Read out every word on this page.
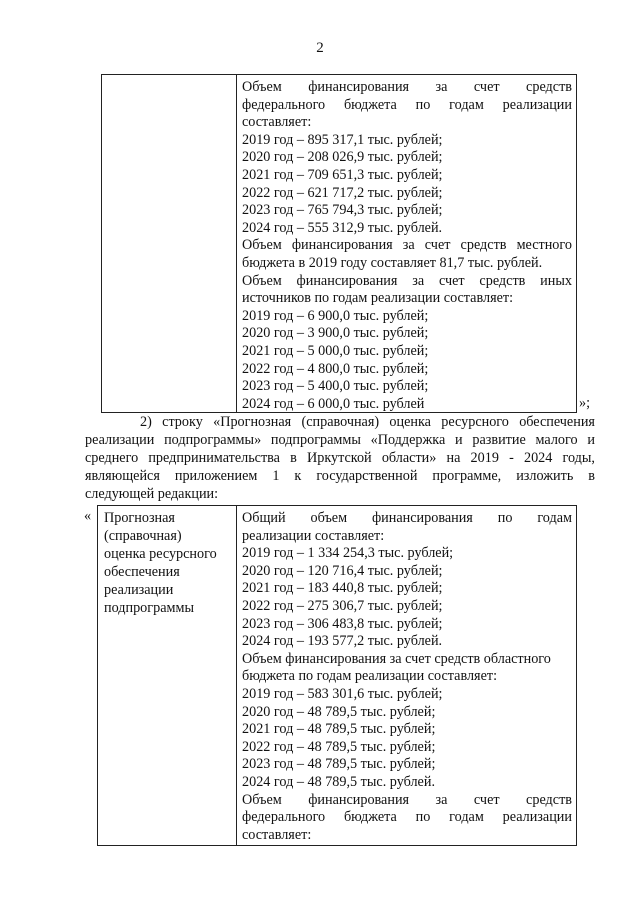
2
Объем финансирования за счет средств
федерального бюджета по годам реализации
составляет:
2019 год – 895 317,1 тыс. рублей;
2020 год – 208 026,9 тыс. рублей;
2021 год – 709 651,3 тыс. рублей;
2022 год – 621 717,2 тыс. рублей;
2023 год – 765 794,3 тыс. рублей;
2024 год – 555 312,9 тыс. рублей.
Объем финансирования за счет средств местного
бюджета в 2019 году составляет 81,7 тыс. рублей.
Объем финансирования за счет средств иных
источников по годам реализации составляет:
2019 год – 6 900,0 тыс. рублей;
2020 год – 3 900,0 тыс. рублей;
2021 год – 5 000,0 тыс. рублей;
2022 год – 4 800,0 тыс. рублей;
2023 год – 5 400,0 тыс. рублей;
2024 год – 6 000,0 тыс. рублей	»;
2) строку «Прогнозная (справочная) оценка ресурсного обеспечения
реализации подпрограммы» подпрограммы «Поддержка и развитие малого и
среднего предпринимательства в Иркутской области» на 2019 - 2024 годы,
являющейся приложением 1 к государственной программе, изложить в
следующей редакции:
« Прогнозная
(справочная)
оценка ресурсного
обеспечения
реализации
подпрограммы
Общий объем финансирования по годам
реализации составляет:
2019 год – 1 334 254,3 тыс. рублей;
2020 год – 120 716,4 тыс. рублей;
2021 год – 183 440,8 тыс. рублей;
2022 год – 275 306,7 тыс. рублей;
2023 год – 306 483,8 тыс. рублей;
2024 год – 193 577,2 тыс. рублей.
Объем финансирования за счет средств областного
бюджета по годам реализации составляет:
2019 год – 583 301,6 тыс. рублей;
2020 год – 48 789,5 тыс. рублей;
2021 год – 48 789,5 тыс. рублей;
2022 год – 48 789,5 тыс. рублей;
2023 год – 48 789,5 тыс. рублей;
2024 год – 48 789,5 тыс. рублей.
Объем финансирования за счет средств
федерального бюджета по годам реализации
составляет:
